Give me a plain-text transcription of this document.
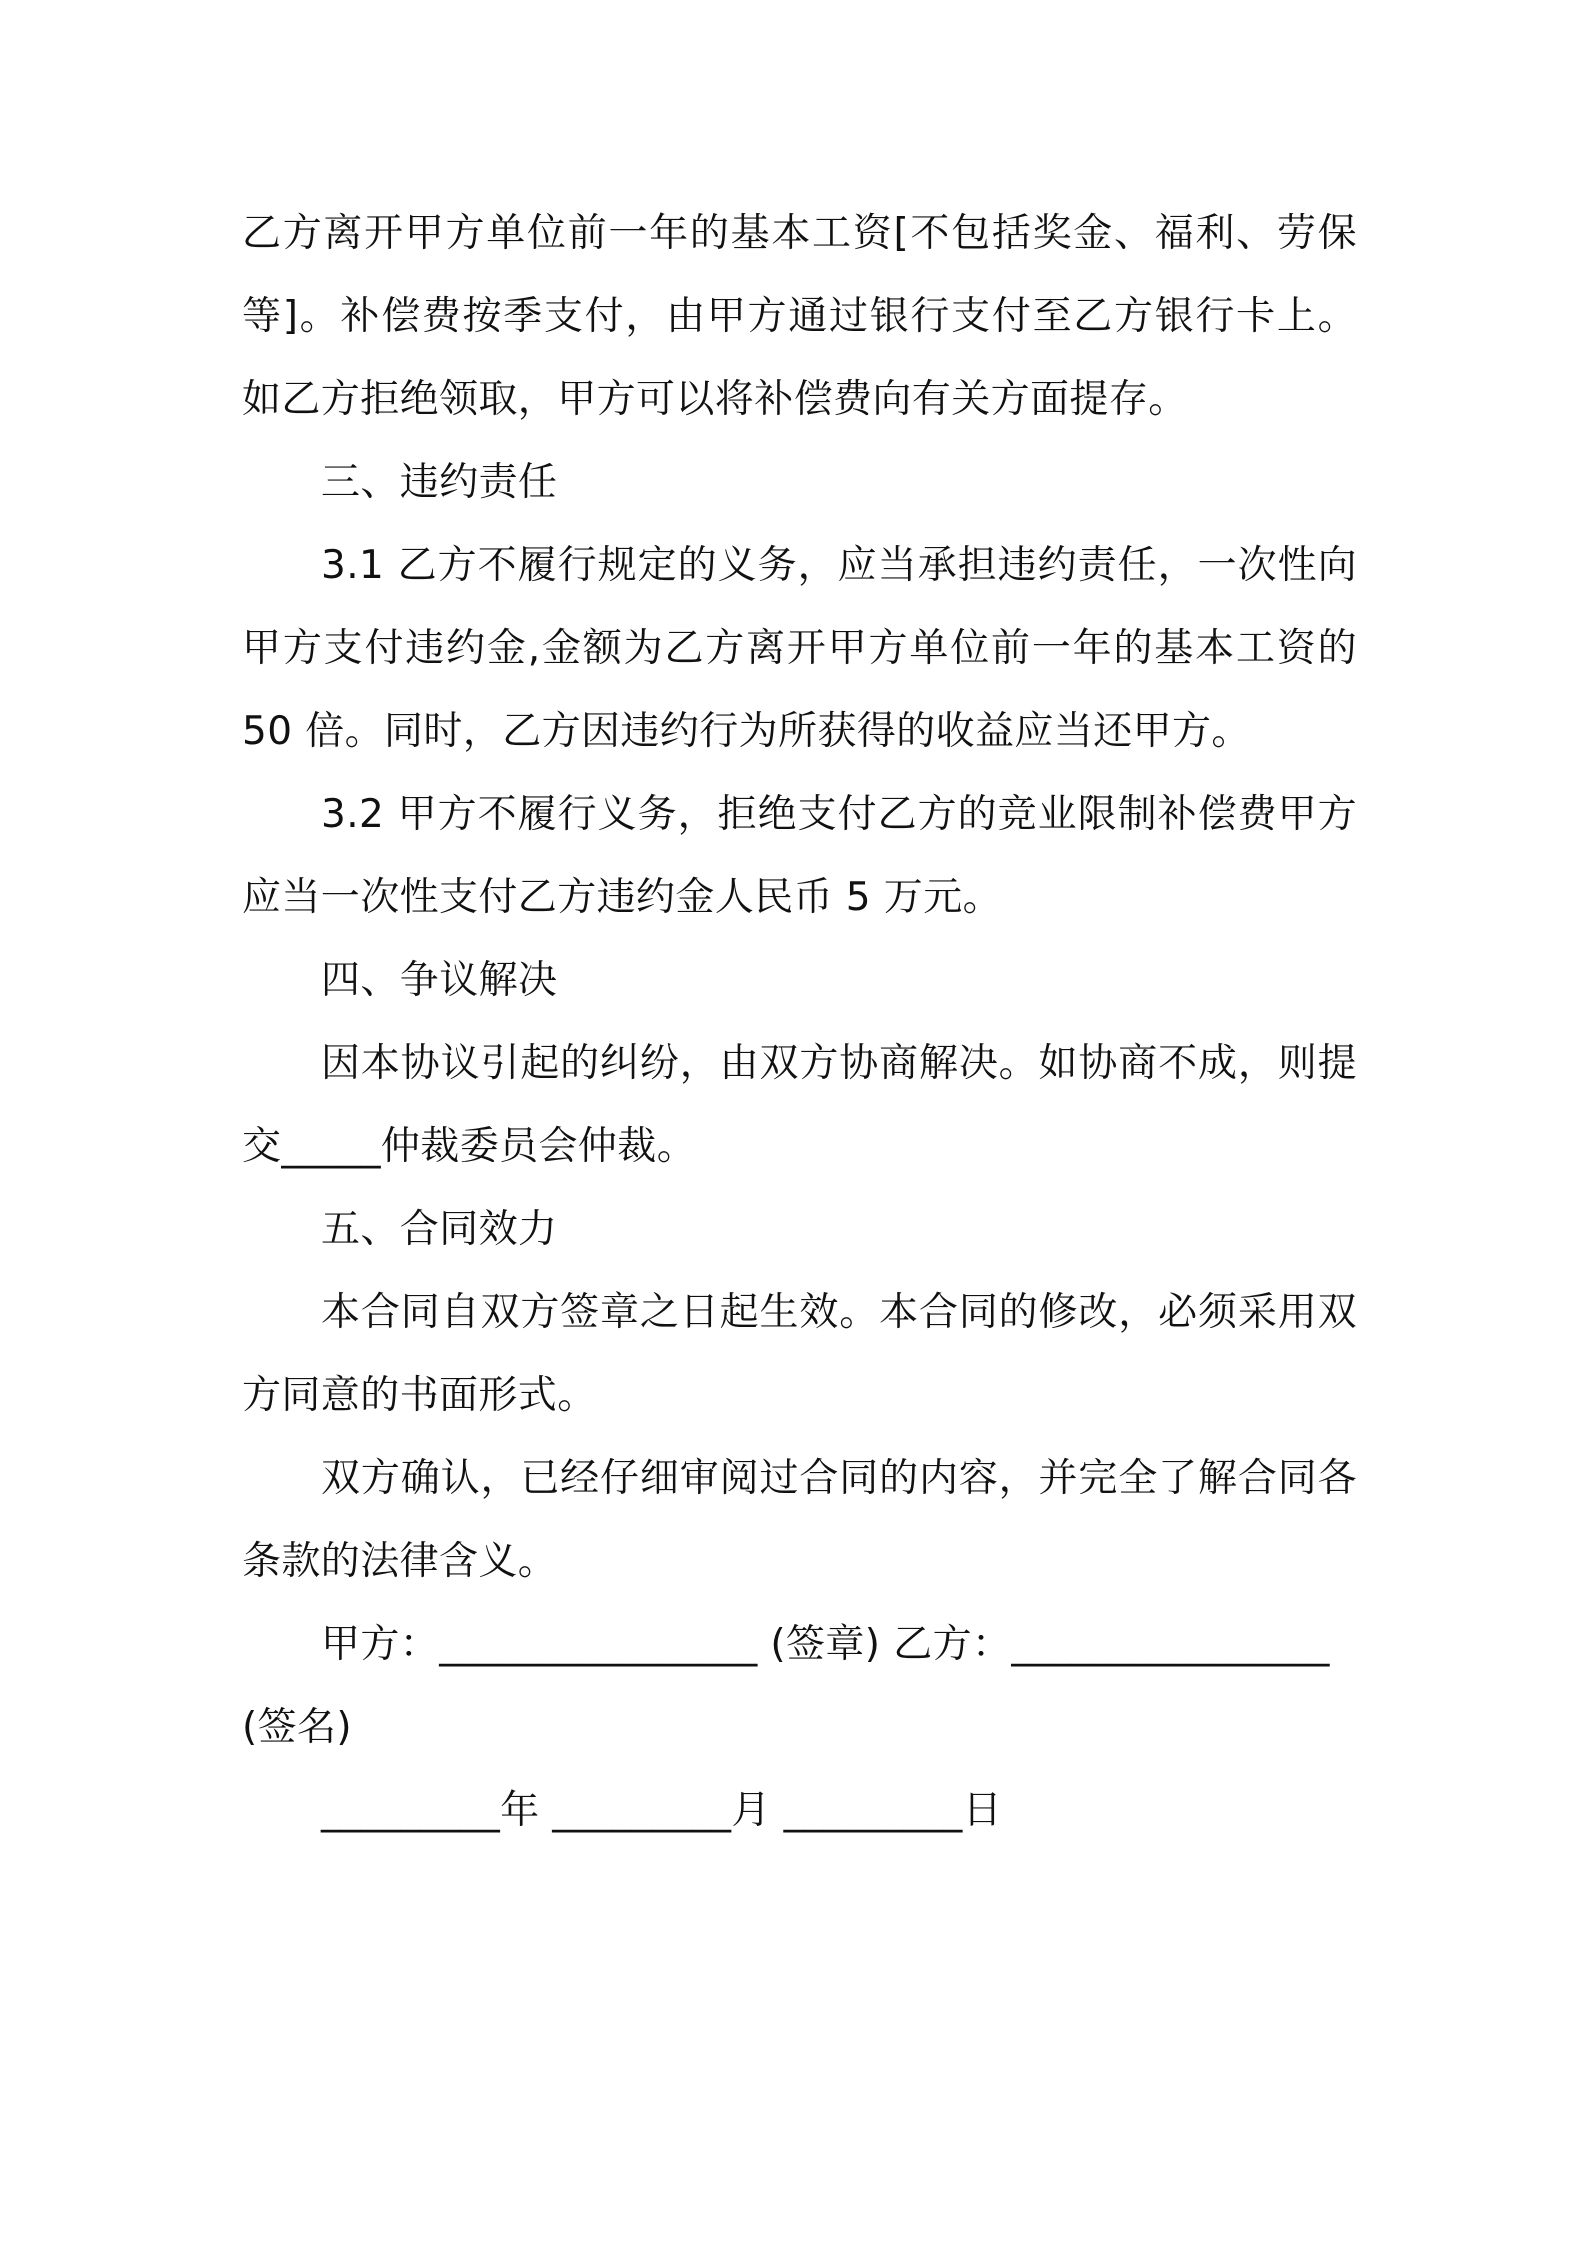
乙方离开甲方单位前一年的基本工资[不包括奖金、福利、劳保
等]。补偿费按季支付，由甲方通过银行支付至乙方银行卡上。
如乙方拒绝领取，甲方可以将补偿费向有关方面提存。
三、违约责任
3.1 乙方不履行规定的义务，应当承担违约责任，一次性向
甲方支付违约金,金额为乙方离开甲方单位前一年的基本工资的
50 倍。同时，乙方因违约行为所获得的收益应当还甲方。
3.2 甲方不履行义务，拒绝支付乙方的竞业限制补偿费甲方
应当一次性支付乙方违约金人民币 5 万元。
四、争议解决
因本协议引起的纠纷，由双方协商解决。如协商不成，则提
交_____仲裁委员会仲裁。
五、合同效力
本合同自双方签章之日起生效。本合同的修改，必须采用双
方同意的书面形式。
双方确认，已经仔细审阅过合同的内容，并完全了解合同各
条款的法律含义。
甲方：________________ (签章) 乙方：________________
(签名)
_________年 _________月 _________日
